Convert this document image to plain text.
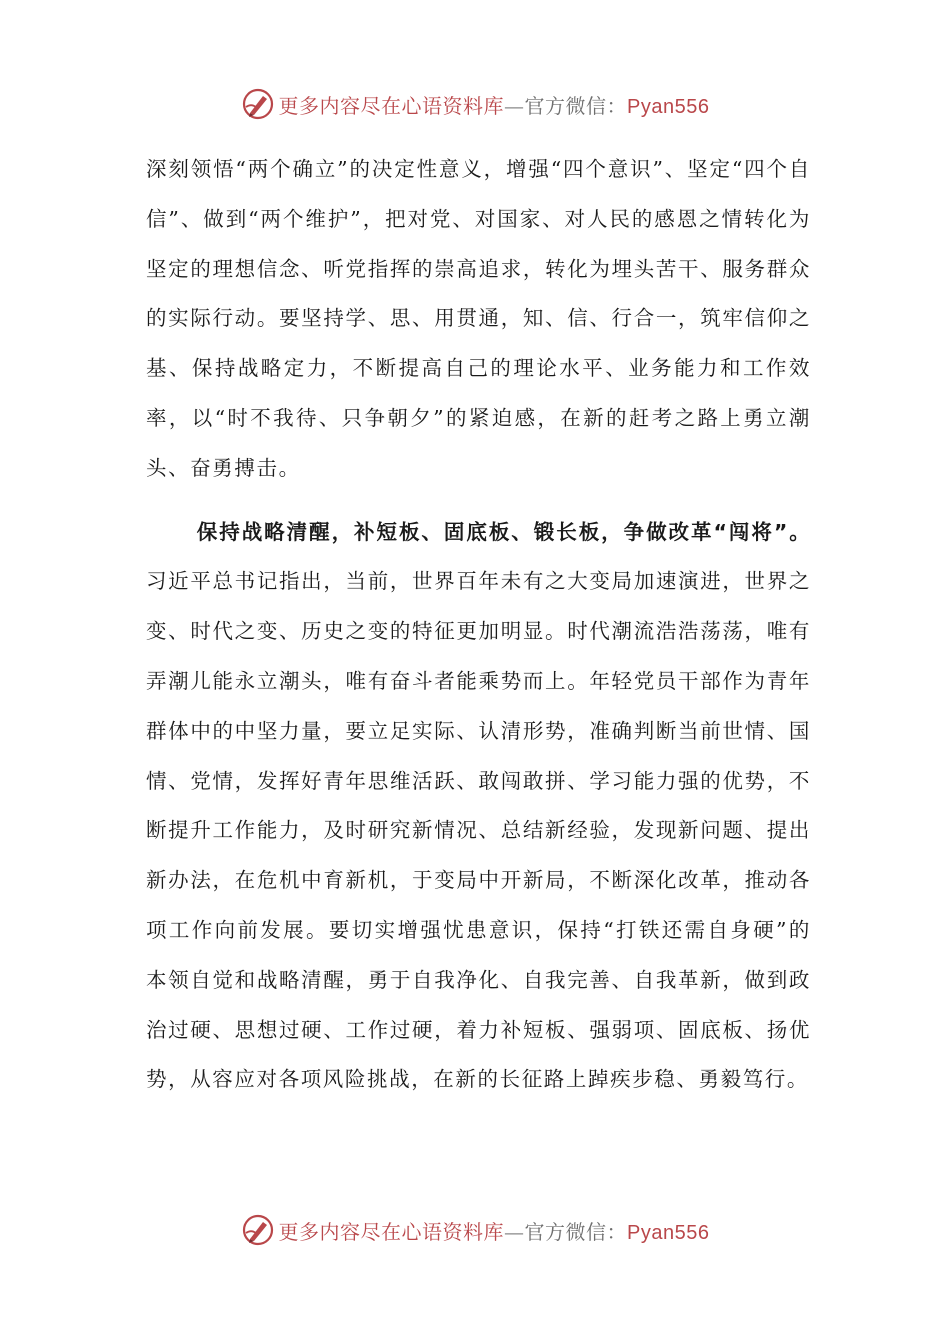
更多内容尽在心语资料库—官方微信：Pyan556

深刻领悟“两个确立”的决定性意义，增强“四个意识”、坚定“四个自信”、做到“两个维护”，把对党、对国家、对人民的感恩之情转化为坚定的理想信念、听党指挥的崇高追求，转化为埋头苦干、服务群众的实际行动。要坚持学、思、用贯通，知、信、行合一，筑牢信仰之基、保持战略定力，不断提高自己的理论水平、业务能力和工作效率，以“时不我待、只争朝夕”的紧迫感，在新的赶考之路上勇立潮头、奋勇搏击。

保持战略清醒，补短板、固底板、锻长板，争做改革“闯将”。习近平总书记指出，当前，世界百年未有之大变局加速演进，世界之变、时代之变、历史之变的特征更加明显。时代潮流浩浩荡荡，唯有弄潮儿能永立潮头，唯有奋斗者能乘势而上。年轻党员干部作为青年群体中的中坚力量，要立足实际、认清形势，准确判断当前世情、国情、党情，发挥好青年思维活跃、敢闯敢拼、学习能力强的优势，不断提升工作能力，及时研究新情况、总结新经验，发现新问题、提出新办法，在危机中育新机，于变局中开新局，不断深化改革，推动各项工作向前发展。要切实增强忧患意识，保持“打铁还需自身硬”的本领自觉和战略清醒，勇于自我净化、自我完善、自我革新，做到政治过硬、思想过硬、工作过硬，着力补短板、强弱项、固底板、扬优势，从容应对各项风险挑战，在新的长征路上踔疾步稳、勇毅笃行。

更多内容尽在心语资料库—官方微信：Pyan556
